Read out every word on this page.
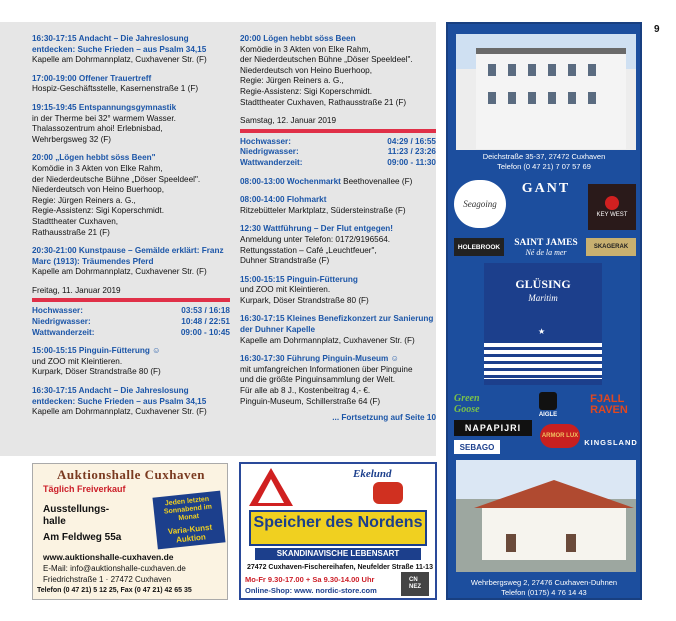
9
16:30-17:15 Andacht – Die Jahreslosung entdecken: Suche Frieden – aus Psalm 34,15
Kapelle am Dohrmannplatz, Cuxhavener Str. (F)
17:00-19:00 Offener Trauertreff
Hospiz-Geschäftsstelle, Kasernenstraße 1 (F)
19:15-19:45 Entspannungsgymnastik
in der Therme bei 32° warmem Wasser.
Thalassozentrum ahoi! Erlebnisbad,
Wehrbergsweg 32 (F)
20:00 „Lögen hebbt söss Been"
Komödie in 3 Akten von Elke Rahm,
der Niederdeutsche Bühne „Döser Speeldeel".
Niederdeutsch von Heino Buerhoop,
Regie: Jürgen Reiners a. G.,
Regie-Assistenz: Sigi Koperschmidt.
Stadttheater Cuxhaven,
Rathausstraße 21 (F)
20:30-21:00 Kunstpause – Gemälde erklärt: Franz Marc (1913): Träumendes Pferd
Kapelle am Dohrmannplatz, Cuxhavener Str. (F)
Freitag, 11. Januar 2019
Hochwasser:	03:53 / 16:18
Niedrigwasser:	10:48 / 22:51
Wattwanderzeit:	09:00 - 10:45
15:00-15:15 Pinguin-Fütterung ☺
und ZOO mit Kleintieren.
Kurpark, Döser Strandstraße 80 (F)
16:30-17:15 Andacht – Die Jahreslosung entdecken: Suche Frieden – aus Psalm 34,15
Kapelle am Dohrmannplatz, Cuxhavener Str. (F)
20:00 Lögen hebbt söss Been
Komödie in 3 Akten von Elke Rahm,
der Niederdeutschen Bühne „Döser Speeldeel".
Niederdeutsch von Heino Buerhoop,
Regie: Jürgen Reiners a. G.,
Regie-Assistenz: Sigi Koperschmidt.
Stadttheater Cuxhaven, Rathausstraße 21 (F)
Samstag, 12. Januar 2019
Hochwasser:	04:29 / 16:55
Niedrigwasser:	11:23 / 23:26
Wattwanderzeit:	09:00 - 11:30
08:00-13:00 Wochenmarkt Beethovenallee (F)
08:00-14:00 Flohmarkt
Ritzebütteler Marktplatz, Südersteinstraße (F)
12:30 Wattführung – Der Flut entgegen!
Anmeldung unter Telefon: 0172/9196564.
Rettungsstation – Café „Leuchtfeuer",
Duhner Strandstraße (F)
15:00-15:15 Pinguin-Fütterung
und ZOO mit Kleintieren.
Kurpark, Döser Strandstraße 80 (F)
16:30-17:15 Kleines Benefizkonzert zur Sanierung der Duhner Kapelle
Kapelle am Dohrmannplatz, Cuxhavener Str. (F)
16:30-17:30 Führung Pinguin-Museum ☺
mit umfangreichen Informationen über Pinguine
und die größte Pinguinsammlung der Welt.
Für alle ab 8 J., Kostenbeitrag 4,- €.
Pinguin-Museum, Schillerstraße 64 (F)
... Fortsetzung auf Seite 10
Deichstraße 35-37, 27472 Cuxhaven
Telefon (0 47 21) 7 07 57 69
Seagoing
GANT
KEY WEST
HOLEBROOK	SAINT JAMES
Né de la mer
SKAGERAK
GLÜSING
Maritim
★
Green Goose	AIGLE
FJALL
RAVEN
NAPAPIJRI
SEBAGO
ARMOR LUX
KINGSLAND
Wehrbergsweg 2, 27476 Cuxhaven-Duhnen
Telefon (0175) 4 76 14 43
Auktionshalle Cuxhaven
Täglich Freiverkauf
Ausstellungs-
halle
Am Feldweg 55a
Jeden letzten
Sonnabend im Monat
Varia-Kunst Auktion
www.auktionshalle-cuxhaven.de
E-Mail: info@auktionshalle-cuxhaven.de
Friedrichstraße 1 · 27472 Cuxhaven
Telefon (0 47 21) 5 12 25, Fax (0 47 21) 42 65 35
Ekelund
Speicher des Nordens
SKANDINAVISCHE LEBENSART
27472 Cuxhaven-Fischereihafen, Neufelder Straße 11-13
Mo-Fr 9.30-17.00 + Sa 9.30-14.00 Uhr
Online-Shop: www. nordic-store.com
CN
NEZ
